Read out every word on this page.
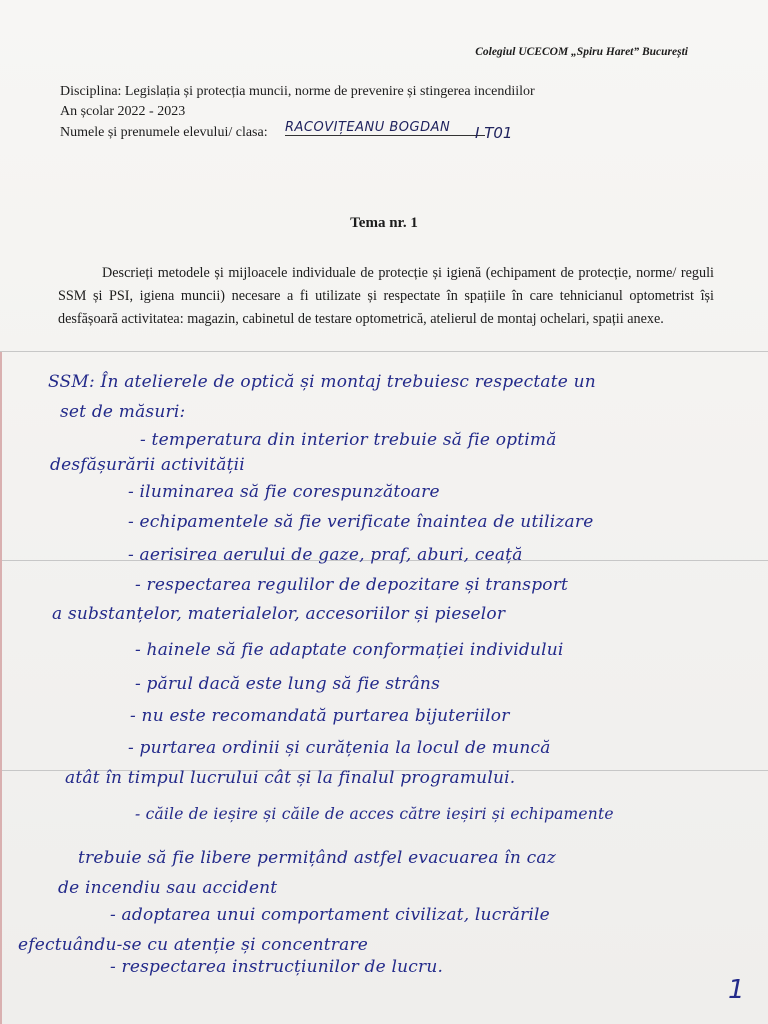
Colegiul UCECOM „Spiru Haret” București
Disciplina: Legislația și protecția muncii, norme de prevenire și stingerea incendiilor
An școlar 2022 - 2023
Numele și prenumele elevului/ clasa: RACOVIȚEANU BOGDAN	I T01
Tema nr. 1
Descrieți metodele și mijloacele individuale de protecție și igienă (echipament de protecție, norme/ reguli SSM și PSI, igiena muncii) necesare a fi utilizate și respectate în spațiile în care tehnicianul optometrist își desfășoară activitatea: magazin, cabinetul de testare optometrică, atelierul de montaj ochelari, spații anexe.
SSM: În atelierele de optică și montaj trebuiesc respectate un
set de măsuri:
- temperatura din interior trebuie să fie optimă
desfășurării activității
- iluminarea să fie corespunzătoare
- echipamentele să fie verificate înaintea de utilizare
- aerisirea aerului de gaze, praf, aburi, ceață
- respectarea regulilor de depozitare și transport
a substanțelor, materialelor, accesoriilor și pieselor
- hainele să fie adaptate conformației individului
- părul dacă este lung să fie strâns
- nu este recomandată purtarea bijuteriilor
- purtarea ordinii și curățenia la locul de muncă
atât în timpul lucrului cât și la finalul programului.
- căile de ieșire și căile de acces către ieșiri și echipamente
trebuie să fie libere permițând astfel evacuarea în caz
de incendiu sau accident
- adoptarea unui comportament civilizat, lucrările
efectuându-se cu atenție și concentrare
- respectarea instrucțiunilor de lucru.
1
